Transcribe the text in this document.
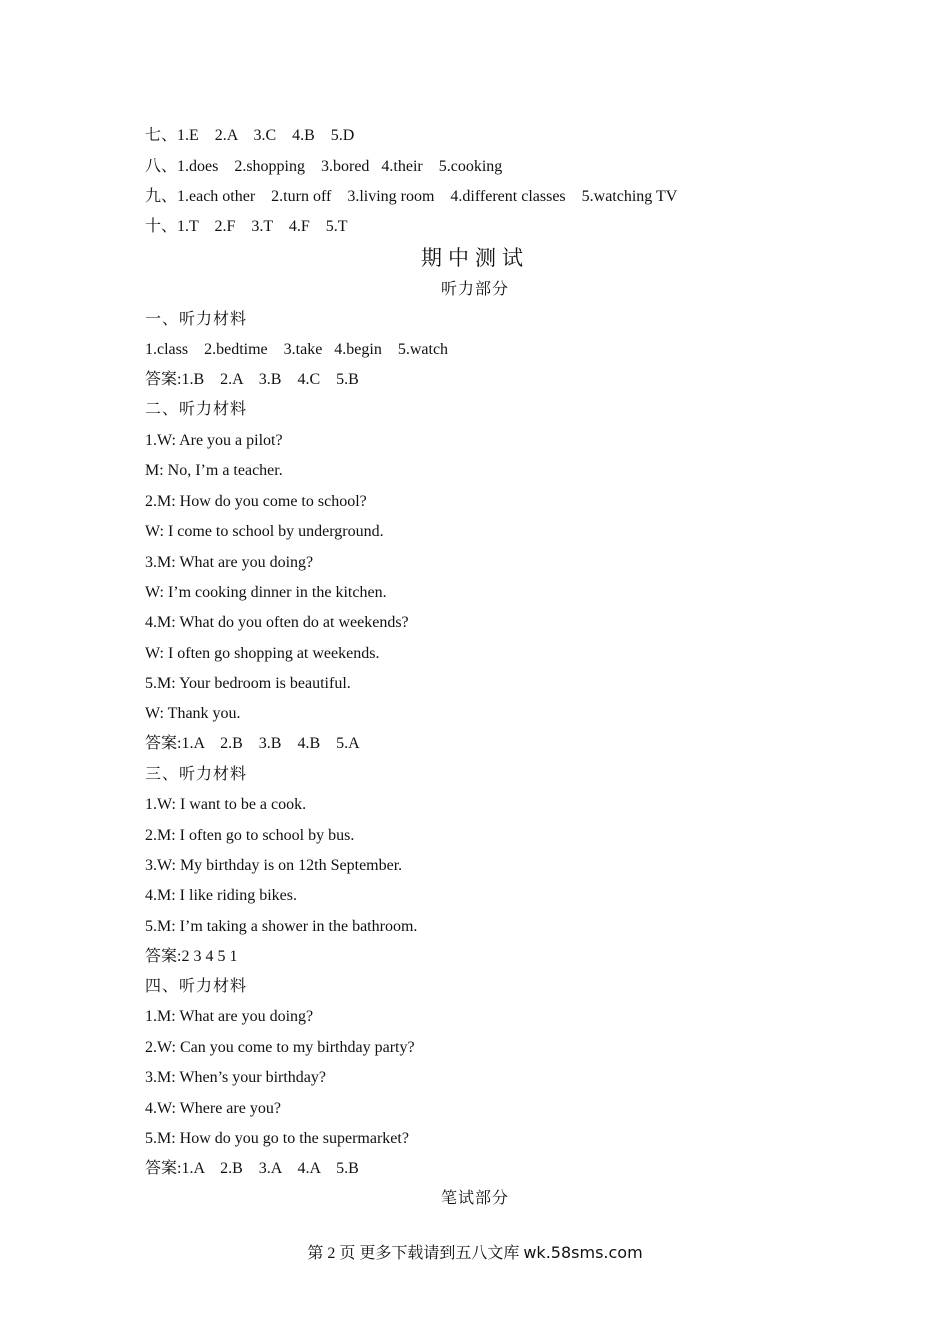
七、1.E    2.A    3.C    4.B    5.D
八、1.does    2.shopping    3.bored   4.their    5.cooking
九、1.each other    2.turn off    3.living room    4.different classes    5.watching TV
十、1.T    2.F    3.T    4.F    5.T
期中测试
听力部分
一、听力材料
1.class    2.bedtime    3.take   4.begin    5.watch
答案:1.B    2.A    3.B    4.C    5.B
二、听力材料
1.W: Are you a pilot?
M: No, I’m a teacher.
2.M: How do you come to school?
W: I come to school by underground.
3.M: What are you doing?
W: I’m cooking dinner in the kitchen.
4.M: What do you often do at weekends?
W: I often go shopping at weekends.
5.M: Your bedroom is beautiful.
W: Thank you.
答案:1.A    2.B    3.B    4.B    5.A
三、听力材料
1.W: I want to be a cook.
2.M: I often go to school by bus.
3.W: My birthday is on 12th September.
4.M: I like riding bikes.
5.M: I’m taking a shower in the bathroom.
答案:2 3 4 5 1
四、听力材料
1.M: What are you doing?
2.W: Can you come to my birthday party?
3.M: When’s your birthday?
4.W: Where are you?
5.M: How do you go to the supermarket?
答案:1.A    2.B    3.A    4.A    5.B
笔试部分
第 2 页 更多下载请到五八文库 wk.58sms.com
